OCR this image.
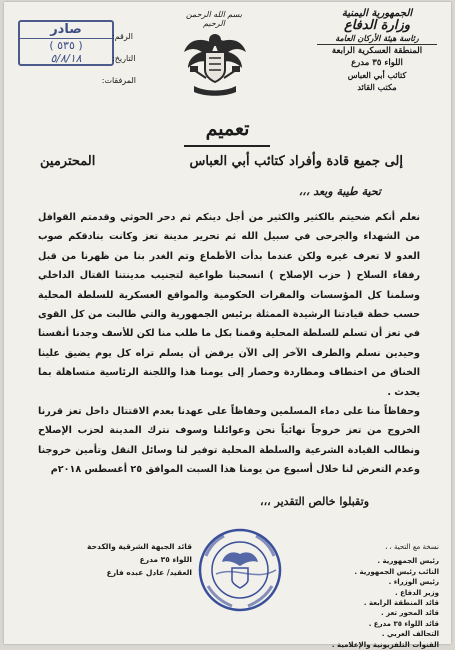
الجمهورية اليمنية
وزارة الدفاع
رئاسة هيئة الأركان العامة
المنطقة العسكرية الرابعة
اللواء ٣٥ مدرع
كتائب أبي العباس
مكتب القائد
بسم الله الرحمن الرحيم
صادر
( ٥٣٥ )
٥/٨/١٨
الرقم:
التاريخ:
المرفقات:
تعميم
إلى جميع قادة وأفراد كتائب أبي العباس
المحترمين
تحية طيبة وبعد ،،،

نعلم أنكم ضحيتم بالكثير والكثير من أجل دينكم ثم دحر الحوثي وقدمتم القوافل من الشهداء والجرحى في سبيل الله ثم تحرير مدينة تعز وكانت بنادقكم صوب العدو لا تعرف غيره ولكن عندما بدأت الأطماع وتم الغدر بنا من ظهرنا من قبل رفقاء السلاح ( حزب الإصلاح ) انسحبنا طواعية لتجنيب مدينتنا القتال الداخلي وسلمنا كل المؤسسات والمقرات الحكومية والمواقع العسكرية للسلطة المحلية حسب خطة قيادتنا الرشيدة الممثلة برئيس الجمهورية والتي طالبت من كل القوى في تعز أن تسلم للسلطة المحلية وقمنا بكل ما طلب منا لكن للأسف وجدنا أنفسنا وحيدين نسلم والطرف الآخر إلى الآن يرفض أن يسلم تراه كل يوم يضيق علينا الخناق من اختطاف ومطاردة وحصار إلى يومنا هذا واللجنة الرئاسية متساهلة بما يحدث .

وحفاظاً منا على دماء المسلمين وحفاظاً على عهدنا بعدم الاقتتال داخل تعز قررنا الخروج من تعز خروجاً نهائياً نحن وعوائلنا وسوف نترك المدينة لحزب الإصلاح ونطالب القيادة الشرعية والسلطة المحلية توفير لنا وسائل النقل وتأمين خروجنا وعدم التعرض لنا خلال أسبوع من يومنا هذا السبت الموافق ٢٥ أغسطس ٢٠١٨م

وتقبلوا خالص التقدير ،،،
قائد الجبهة الشرقية والكدحة
اللواء ٣٥ مدرع
العقيد/ عادل عبده فارع
نسخة مع التحية ، ،
رئيس الجمهورية .
النائب رئيس الجمهورية .
رئيس الوزراء .
وزير الدفاع .
قائد المنطقة الرابعة .
قائد المحور تعز .
قائد اللواء ٣٥ مدرع .
التحالف العربي .
القنوات التلفزيونية والإعلامية .
